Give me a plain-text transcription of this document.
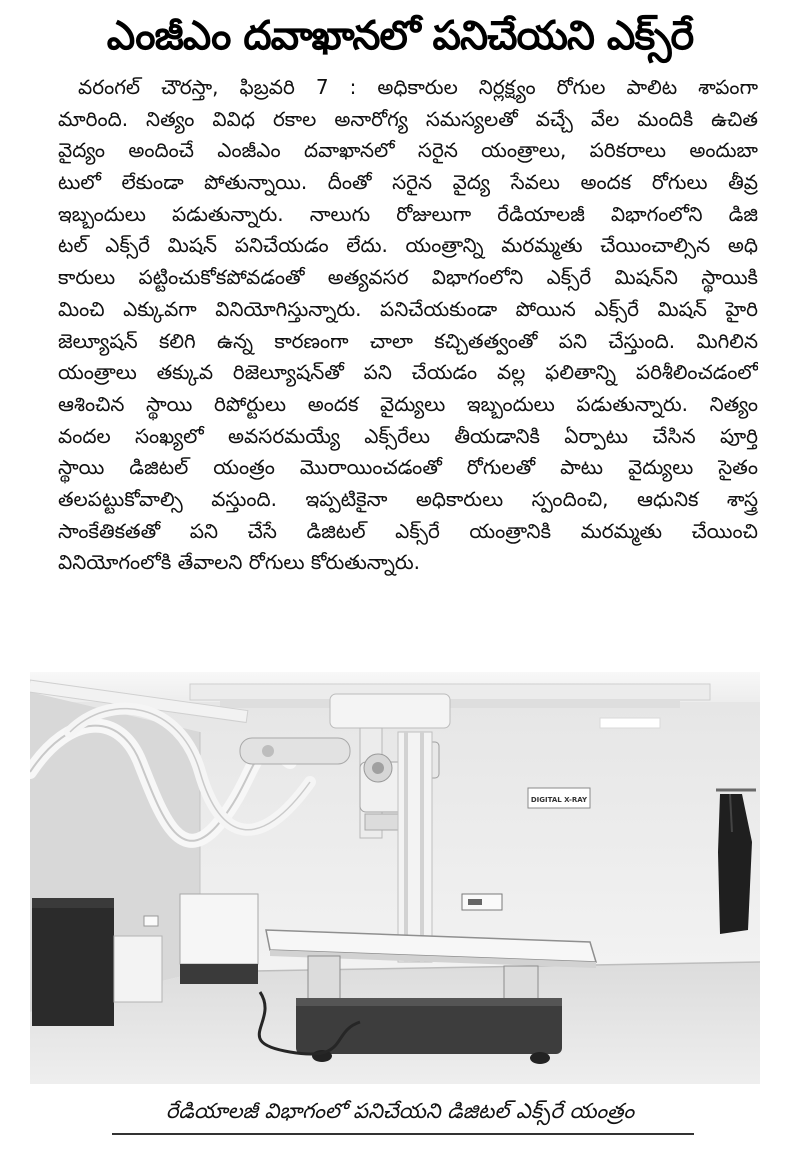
ఎంజీఎం దవాఖానలో పనిచేయని ఎక్స్‌రే
వరంగల్ చౌరస్తా, ఫిబ్రవరి 7 : అధికారుల నిర్లక్ష్యం రోగుల పాలిట శాపంగా
మారింది. నిత్యం వివిధ రకాల అనారోగ్య సమస్యలతో వచ్చే వేల మందికి ఉచిత
వైద్యం అందించే ఎంజీఎం దవాఖానలో సరైన యంత్రాలు, పరికరాలు అందుబా
టులో లేకుండా పోతున్నాయి. దీంతో సరైన వైద్య సేవలు అందక రోగులు తీవ్ర
ఇబ్బందులు పడుతున్నారు. నాలుగు రోజులుగా రేడియాలజీ విభాగంలోని డిజి
టల్ ఎక్స్‌రే మిషన్ పనిచేయడం లేదు. యంత్రాన్ని మరమ్మతు చేయించాల్సిన అధి
కారులు పట్టించుకోకపోవడంతో అత్యవసర విభాగంలోని ఎక్స్‌రే మిషన్‌ని స్థాయికి
మించి ఎక్కువగా వినియోగిస్తున్నారు. పనిచేయకుండా పోయిన ఎక్స్‌రే మిషన్ హైరి
జెల్యూషన్ కలిగి ఉన్న కారణంగా చాలా కచ్చితత్వంతో పని చేస్తుంది. మిగిలిన
యంత్రాలు తక్కువ రిజెల్యూషన్‌తో పని చేయడం వల్ల ఫలితాన్ని పరిశీలించడంలో
ఆశించిన స్థాయి రిపోర్టులు అందక వైద్యులు ఇబ్బందులు పడుతున్నారు. నిత్యం
వందల సంఖ్యలో అవసరమయ్యే ఎక్స్‌రేలు తీయడానికి ఏర్పాటు చేసిన పూర్తి
స్థాయి డిజిటల్ యంత్రం మొరాయించడంతో రోగులతో పాటు వైద్యులు సైతం
తలపట్టుకోవాల్సి వస్తుంది. ఇప్పటికైనా అధికారులు స్పందించి, ఆధునిక శాస్త్ర
సాంకేతికతతో పని చేసే డిజిటల్ ఎక్స్‌రే యంత్రానికి మరమ్మతు చేయించి
వినియోగంలోకి తేవాలని రోగులు కోరుతున్నారు.
DIGITAL X-RAY
రేడియాలజీ విభాగంలో పనిచేయని డిజిటల్ ఎక్స్‌రే యంత్రం
